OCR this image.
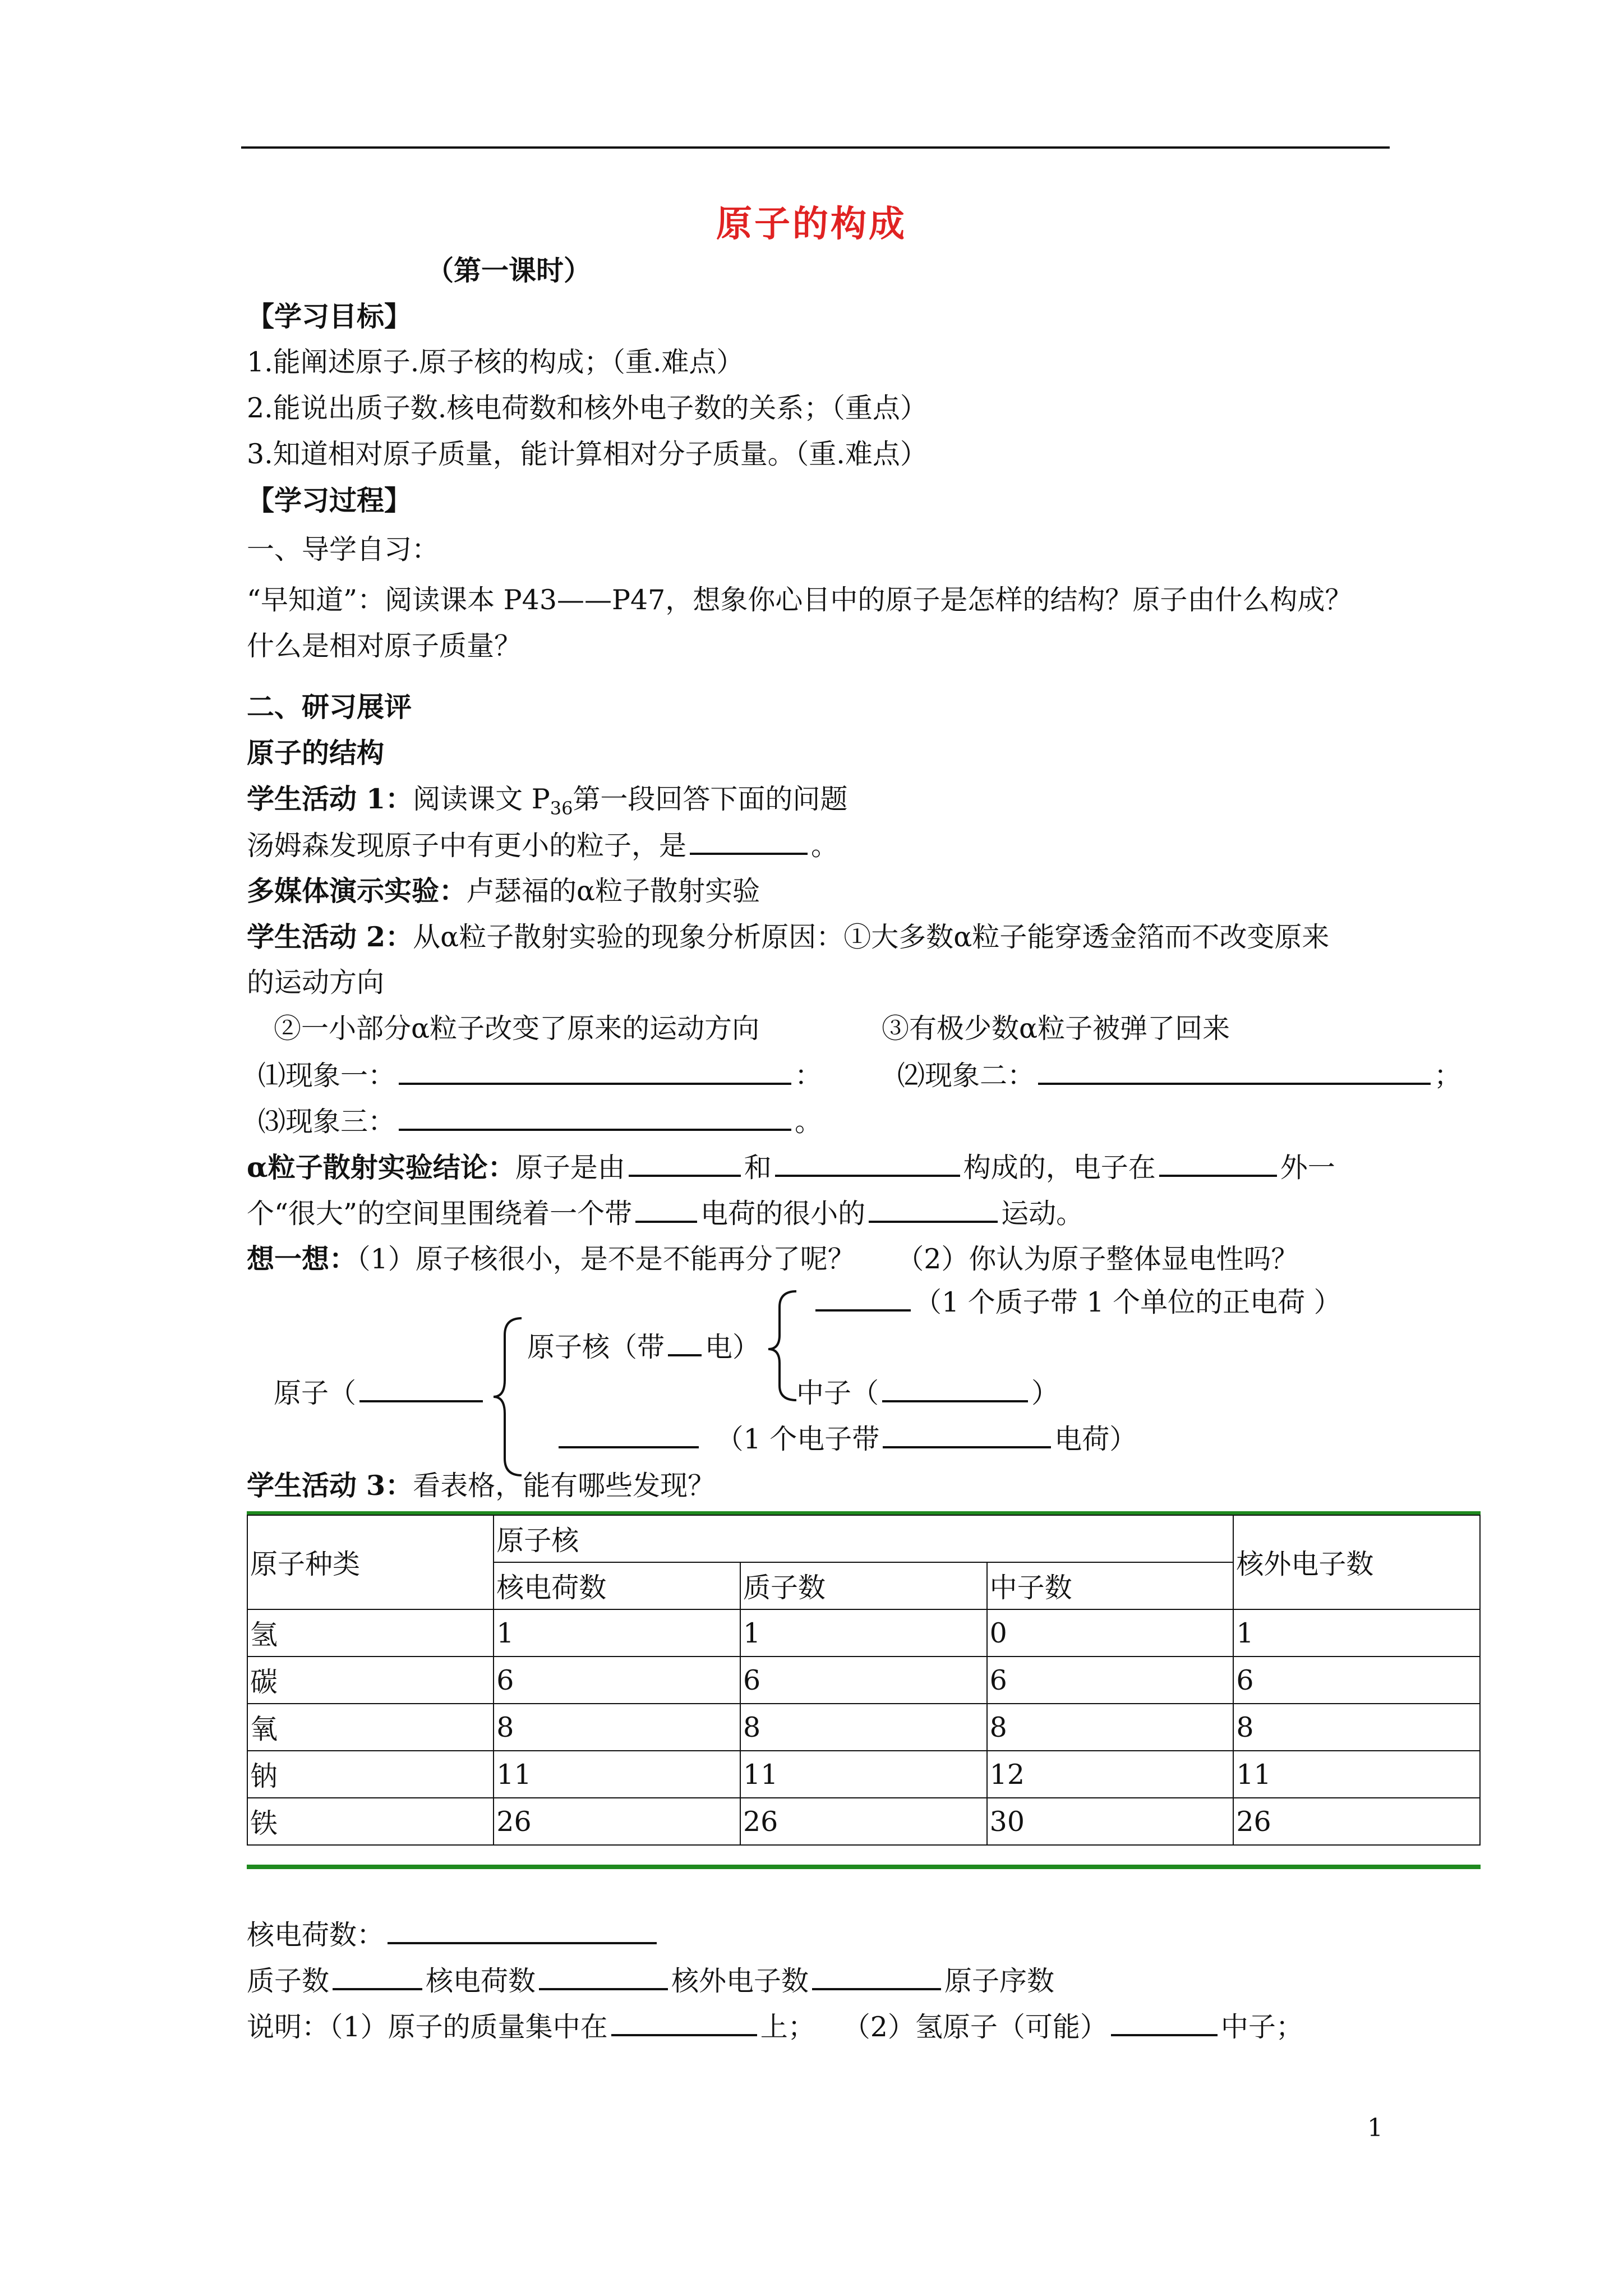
原子的构成
（第一课时）
【学习目标】
1.能阐述原子.原子核的构成；（重.难点）
2.能说出质子数.核电荷数和核外电子数的关系；（重点）
3.知道相对原子质量，能计算相对分子质量。（重.难点）
【学习过程】
一、导学自习：
“早知道”：阅读课本 P43——P47，想象你心目中的原子是怎样的结构？原子由什么构成？
什么是相对原子质量？
二、研习展评
原子的结构
学生活动 1：阅读课文 $P_{36}$第一段回答下面的问题
汤姆森发现原子中有更小的粒子，是	。
多媒体演示实验：卢瑟福的α粒子散射实验
学生活动 2：从α粒子散射实验的现象分析原因：①大多数α粒子能穿透金箔而不改变原来
的运动方向
②一小部分α粒子改变了原来的运动方向	③有极少数α粒子被弹了回来
⑴现象一：	：	⑵现象二：	；
⑶现象三：	。
α粒子散射实验结论：原子是由	和	构成的，电子在	外一
个“很大”的空间里围绕着一个带 电荷的很小的	运动。
想一想：（1）原子核很小，是不是不能再分了呢？　　（2）你认为原子整体显电性吗？
（1 个质子带 1 个单位的正电荷 ）
原子核（带 电）
原子（	中子（	）
　（1 个电子带	电荷）
学生活动 3：看表格，能有哪些发现？
原子种类	原子核			核外电子数
	核电荷数	质子数	中子数	
氢	1	1	0	1
碳	6	6	6	6
氧	8	8	8	8
钠	11	11	12	11
铁	26	26	30	26
核电荷数：
质子数	核电荷数	核外电子数	原子序数
说明：（1）原子的质量集中在	上；　　（2）氢原子（可能）	中子；
1
